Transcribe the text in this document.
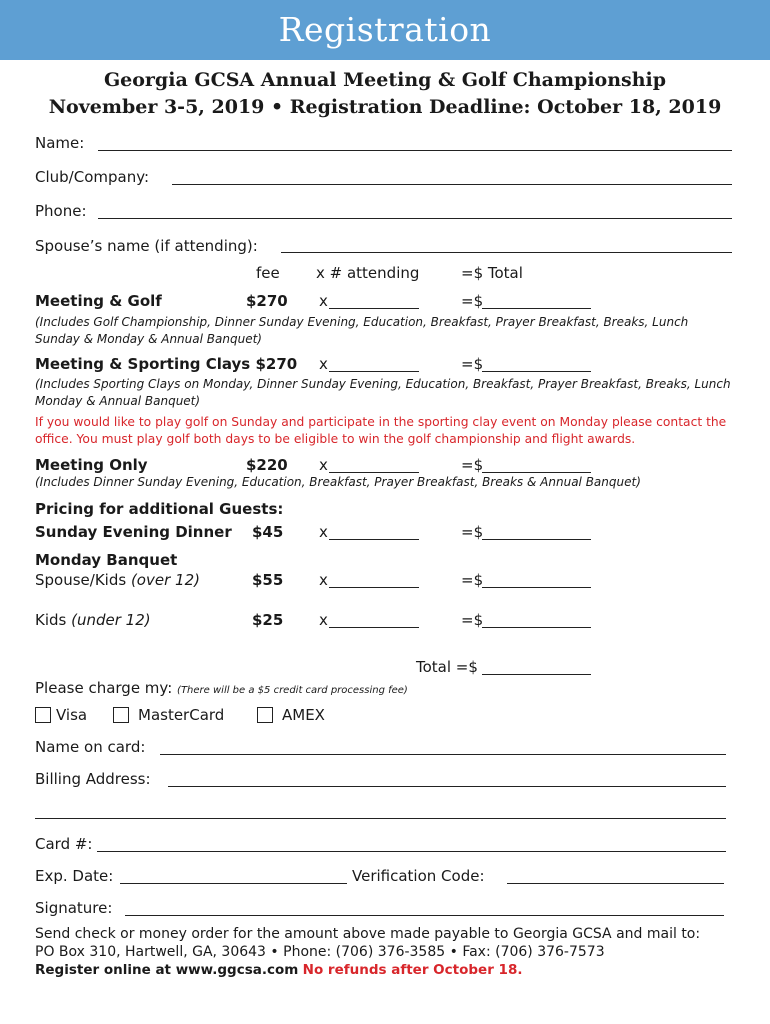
Registration
Georgia GCSA Annual Meeting & Golf Championship
November 3-5, 2019 • Registration Deadline: October 18, 2019
Name:
Club/Company:
Phone:
Spouse’s name (if attending):
fee x # attending	=$ Total
Meeting & Golf	$270 x	=$
(Includes Golf Championship, Dinner Sunday Evening, Education, Breakfast, Prayer Breakfast, Breaks, Lunch Sunday & Monday & Annual Banquet)
Meeting & Sporting Clays $270 x	=$
(Includes Sporting Clays on Monday, Dinner Sunday Evening, Education, Breakfast, Prayer Breakfast, Breaks, Lunch Monday & Annual Banquet)
If you would like to play golf on Sunday and participate in the sporting clay event on Monday please contact the office. You must play golf both days to be eligible to win the golf championship and flight awards.
Meeting Only	$220 x	=$
(Includes Dinner Sunday Evening, Education, Breakfast, Prayer Breakfast, Breaks & Annual Banquet)
Pricing for additional Guests:
Sunday Evening Dinner $45 x	=$
Monday Banquet
Spouse/Kids (over 12)	$55 x	=$
Kids (under 12)	$25 x	=$
Total =$
Please charge my: (There will be a $5 credit card processing fee)
Visa	MasterCard	AMEX
Name on card:
Billing Address:
Card #:
Exp. Date:	Verification Code:
Signature:
Send check or money order for the amount above made payable to Georgia GCSA and mail to:
PO Box 310, Hartwell, GA, 30643 • Phone: (706) 376-3585 • Fax: (706) 376-7573
Register online at www.ggcsa.com No refunds after October 18.
